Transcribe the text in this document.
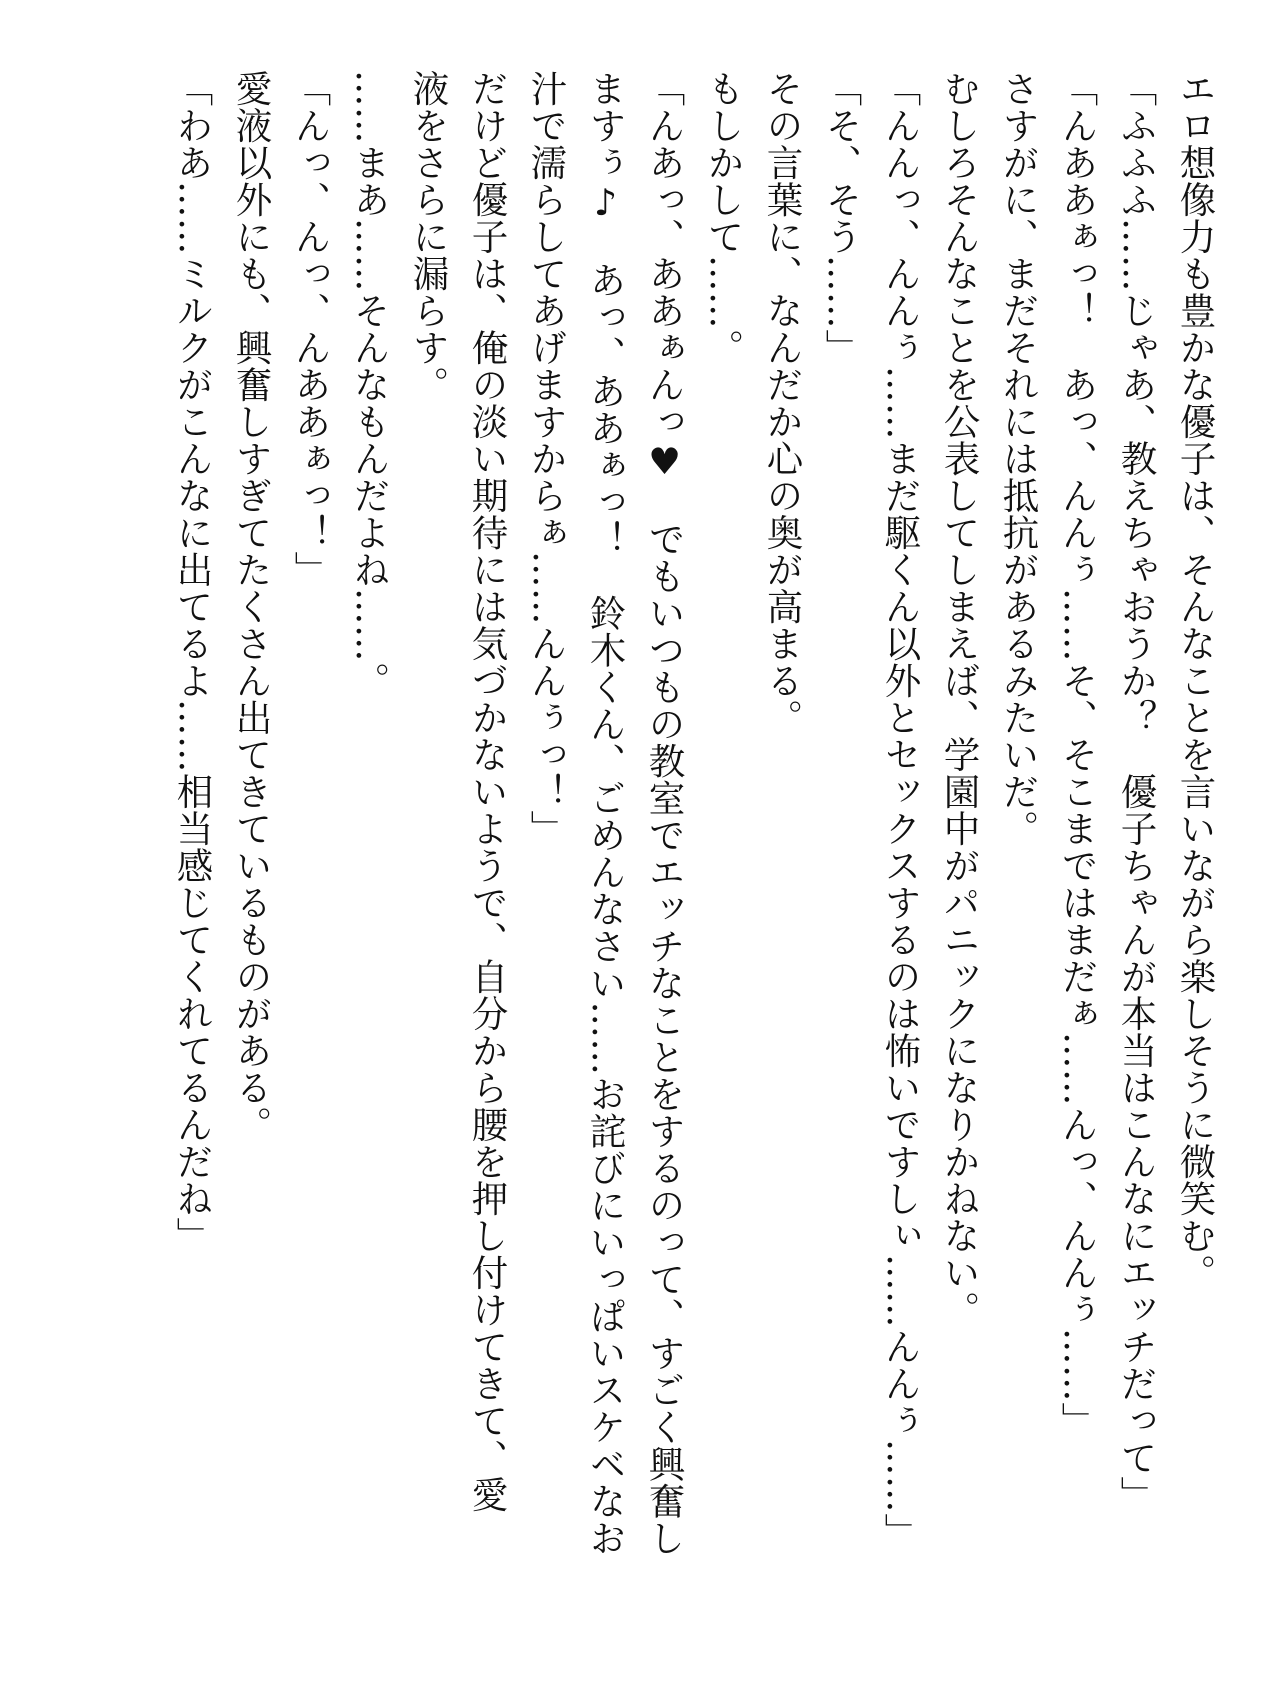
エロ想像力も豊かな優子は、そんなことを言いながら楽しそうに微笑む。
「ふふふ……じゃあ、教えちゃおうか？　優子ちゃんが本当はこんなにエッチだって」
「んああぁっ！　あっ、んんぅ……そ、そこまではまだぁ……んっ、んんぅ……」
さすがに、まだそれには抵抗があるみたいだ。
むしろそんなことを公表してしまえば、学園中がパニックになりかねない。
「んんっ、んんぅ……まだ駆くん以外とセックスするのは怖いですしぃ……んんぅ……」
「そ、そう……」
その言葉に、なんだか心の奥が高まる。
もしかして……。
「んあっ、ああぁんっ♥　でもいつもの教室でエッチなことをするのって、すごく興奮し
ますぅ♪　あっ、ああぁっ！　鈴木くん、ごめんなさい……お詫びにいっぱいスケベなお
汁で濡らしてあげますからぁ……んんぅっ！」
だけど優子は、俺の淡い期待には気づかないようで、自分から腰を押し付けてきて、愛
液をさらに漏らす。
……まあ……そんなもんだよね……。
「んっ、んっ、んああぁっ！」
愛液以外にも、興奮しすぎてたくさん出てきているものがある。
「わあ……ミルクがこんなに出てるよ……相当感じてくれてるんだね」
